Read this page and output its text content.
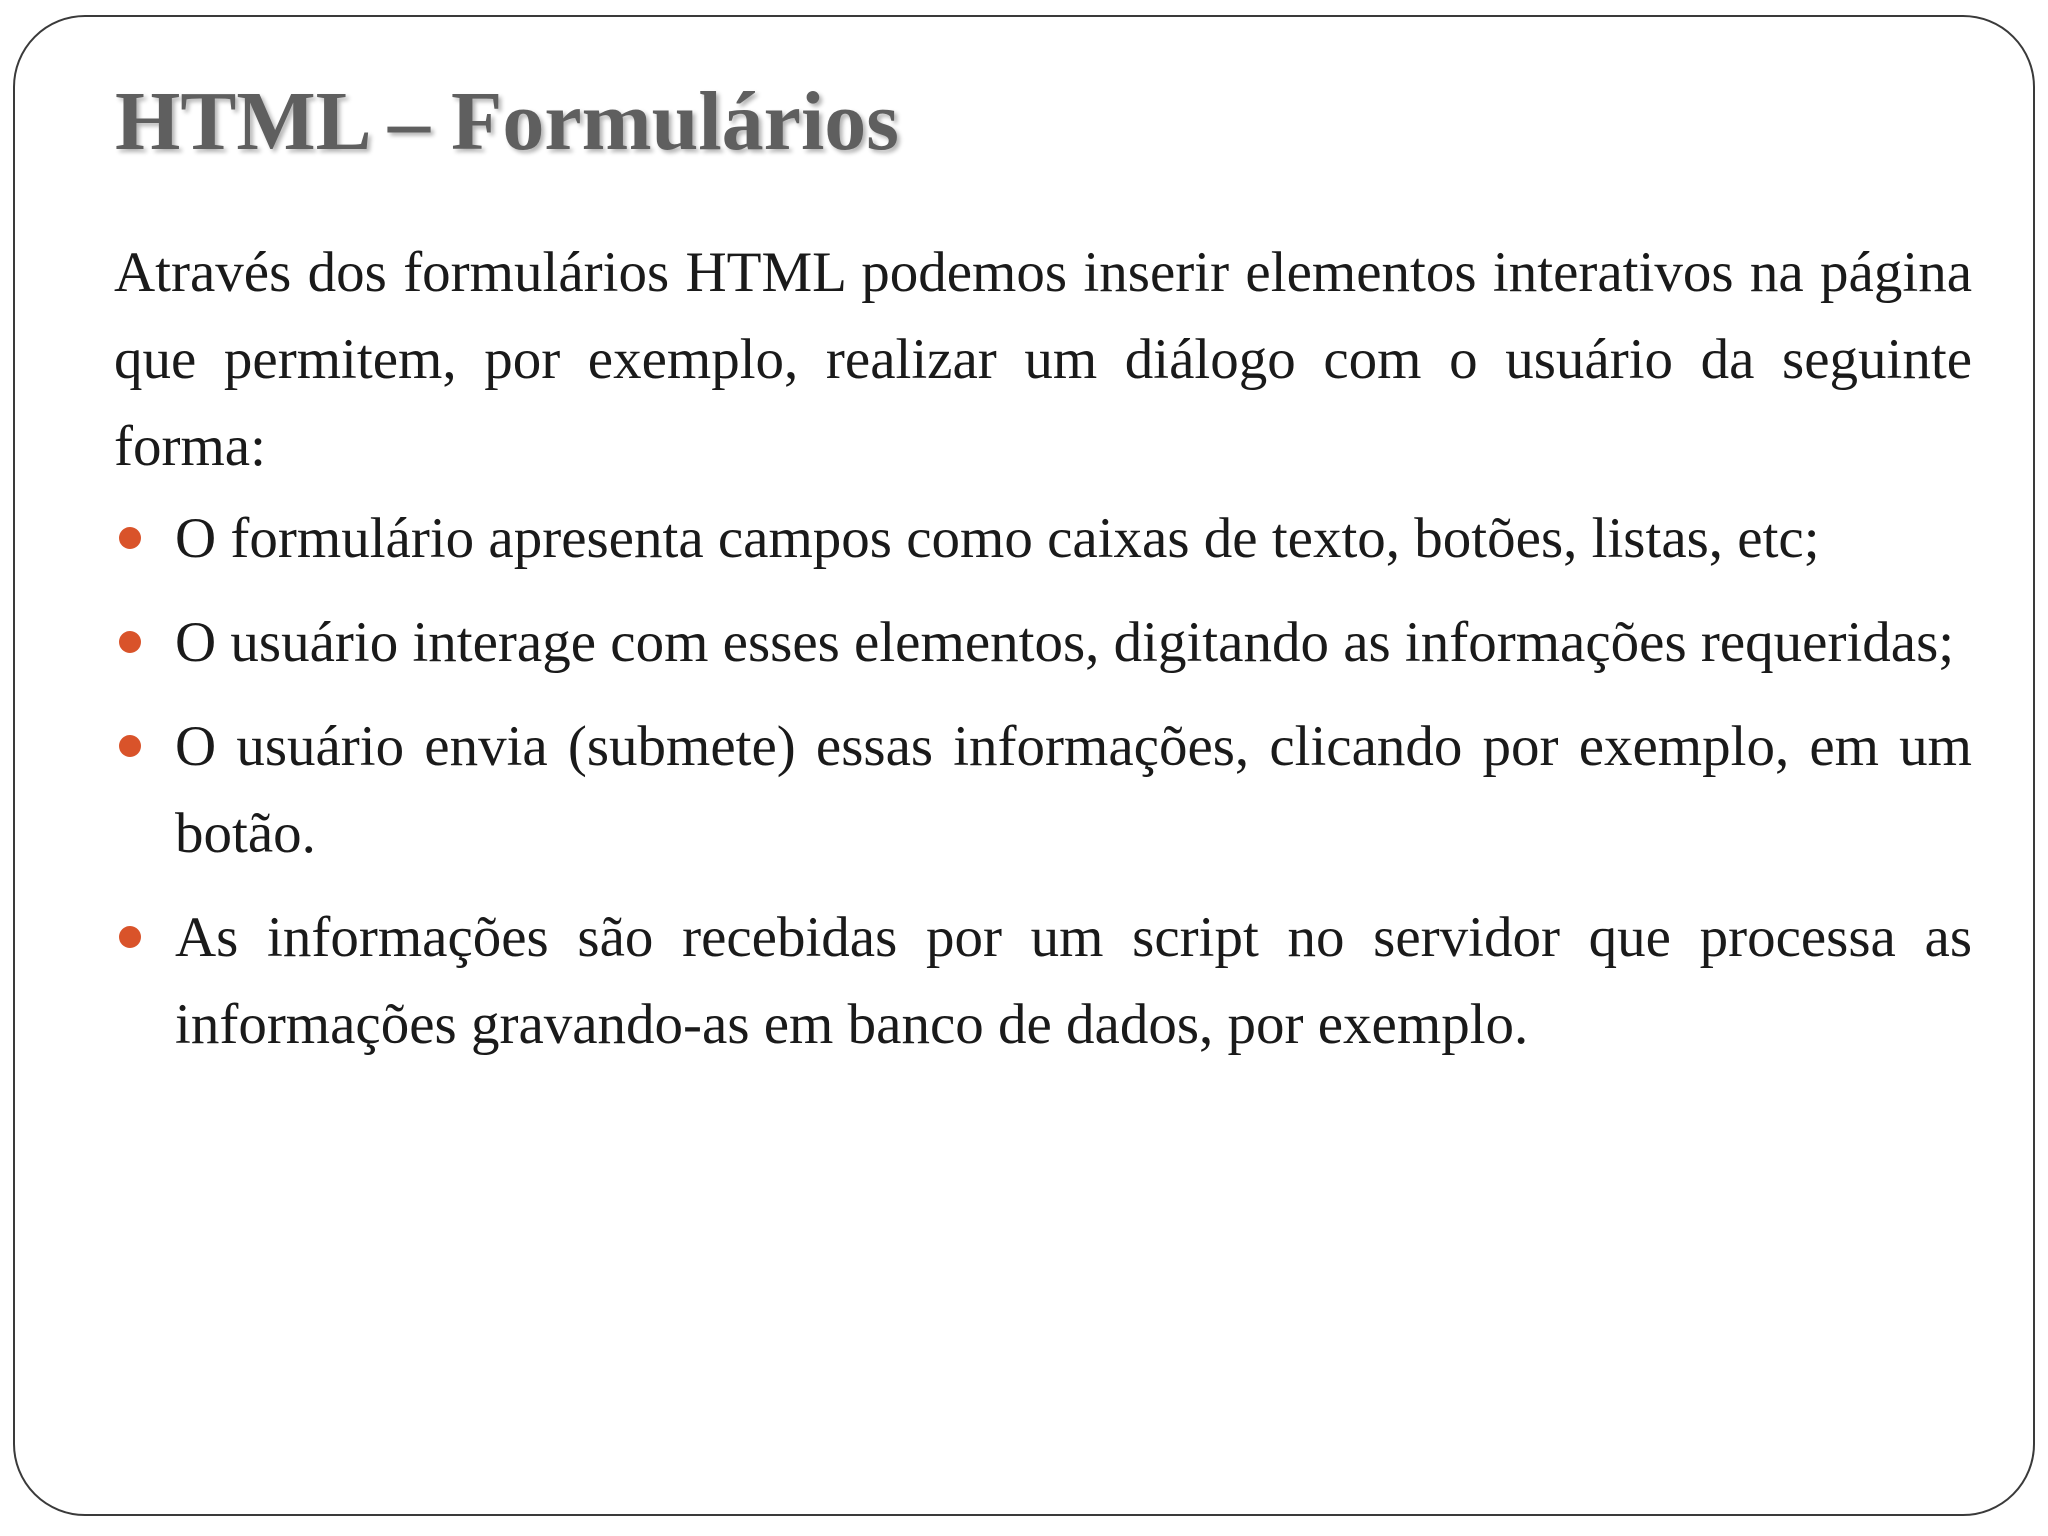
HTML – Formulários

Através dos formulários HTML podemos inserir elementos interativos na página que permitem, por exemplo, realizar um diálogo com o usuário da seguinte forma:

O formulário apresenta campos como caixas de texto, botões, listas, etc;
O usuário interage com esses elementos, digitando as informações requeridas;
O usuário envia (submete) essas informações, clicando por exemplo, em um botão.
As informações são recebidas por um script no servidor que processa as informações gravando-as em banco de dados, por exemplo.
